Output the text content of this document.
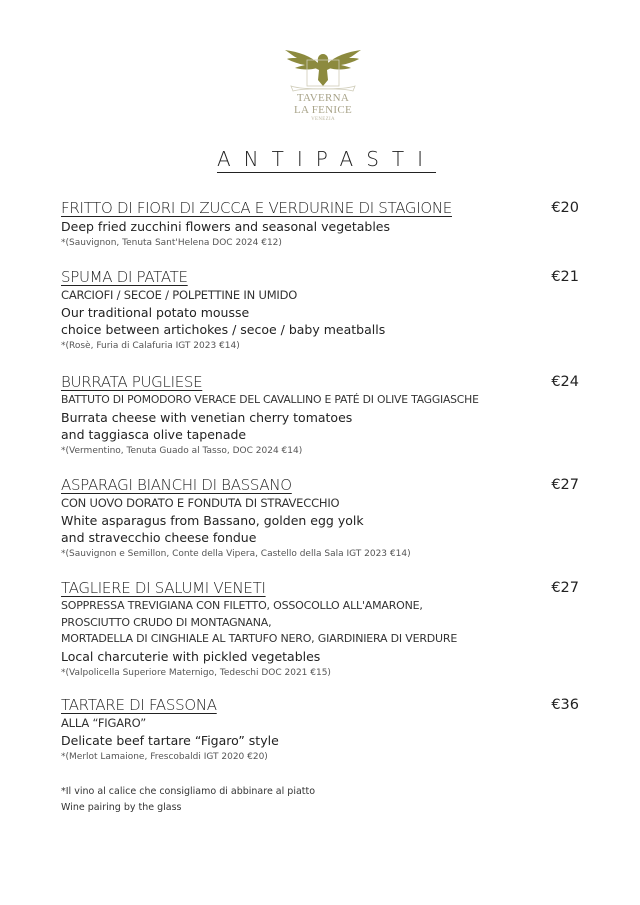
TAVERNA
LA FENICE
VENEZIA
ANTIPASTI
FRITTO DI FIORI DI ZUCCA E VERDURINE DI STAGIONE	€20
Deep fried zucchini flowers and seasonal vegetables
*(Sauvignon, Tenuta Sant'Helena DOC 2024 €12)
SPUMA DI PATATE	€21
CARCIOFI / SECOE / POLPETTINE IN UMIDO
Our traditional potato mousse
choice between artichokes / secoe / baby meatballs
*(Rosè, Furia di Calafuria IGT 2023 €14)
BURRATA PUGLIESE	€24
BATTUTO DI POMODORO VERACE DEL CAVALLINO E PATÉ DI OLIVE TAGGIASCHE
Burrata cheese with venetian cherry tomatoes
and taggiasca olive tapenade
*(Vermentino, Tenuta Guado al Tasso, DOC 2024 €14)
ASPARAGI BIANCHI DI BASSANO	€27
CON UOVO DORATO E FONDUTA DI STRAVECCHIO
White asparagus from Bassano, golden egg yolk
and stravecchio cheese fondue
*(Sauvignon e Semillon, Conte della Vipera, Castello della Sala IGT 2023 €14)
TAGLIERE DI SALUMI VENETI	€27
SOPPRESSA TREVIGIANA CON FILETTO, OSSOCOLLO ALL'AMARONE,
PROSCIUTTO CRUDO DI MONTAGNANA,
MORTADELLA DI CINGHIALE AL TARTUFO NERO, GIARDINIERA DI VERDURE
Local charcuterie with pickled vegetables
*(Valpolicella Superiore Maternigo, Tedeschi DOC 2021 €15)
TARTARE DI FASSONA	€36
ALLA “FIGARO”
Delicate beef tartare “Figaro” style
*(Merlot Lamaione, Frescobaldi IGT 2020 €20)
*Il vino al calice che consigliamo di abbinare al piatto
Wine pairing by the glass
